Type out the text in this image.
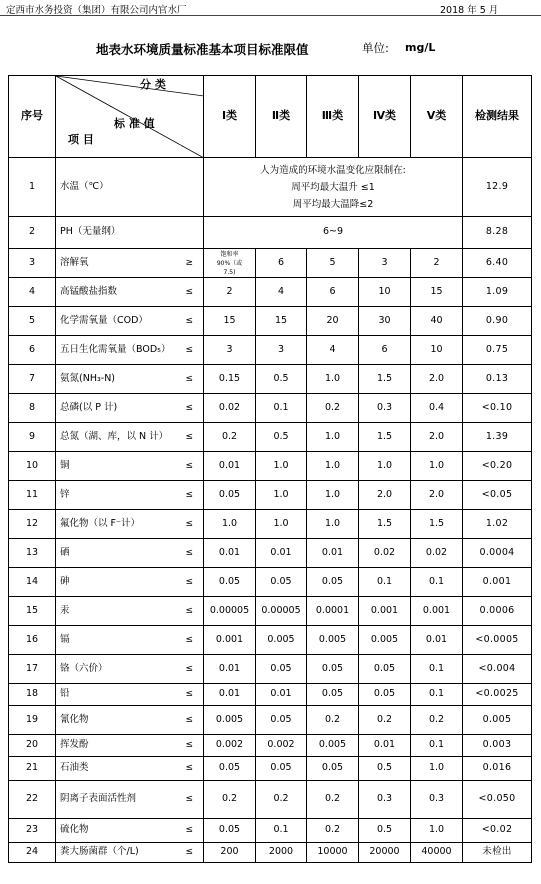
定西市水务投资（集团）有限公司内官水厂	2018 年 5 月
地表水环境质量标准基本项目标准限值	单位: mg/L
序号	分 类
标 准 值
项 目		Ⅰ类	Ⅱ类	Ⅲ类	Ⅳ类	Ⅴ类	检测结果
1	水温（℃）		人为造成的环境水温变化应限制在:
周平均最大温升 ≤1
周平均最大温降≤2					12.9
2	PH（无量纲）		6~9					8.28
3	溶解氧	≥	饱和率
90%（或
7.5)	6	5	3	2	6.40
4	高锰酸盐指数	≤	2	4	6	10	15	1.09
5	化学需氧量（COD）	≤	15	15	20	30	40	0.90
6	五日生化需氧量（BOD₅）	≤	3	3	4	6	10	0.75
7	氨氮(NH₃-N)	≤	0.15	0.5	1.0	1.5	2.0	0.13
8	总磷(以 P 计)	≤	0.02	0.1	0.2	0.3	0.4	<0.10
9	总氮（湖、库，以 N 计）	≤	0.2	0.5	1.0	1.5	2.0	1.39
10	铜	≤	0.01	1.0	1.0	1.0	1.0	<0.20
11	锌	≤	0.05	1.0	1.0	2.0	2.0	<0.05
12	氟化物（以 F⁻计）	≤	1.0	1.0	1.0	1.5	1.5	1.02
13	硒	≤	0.01	0.01	0.01	0.02	0.02	0.0004
14	砷	≤	0.05	0.05	0.05	0.1	0.1	0.001
15	汞	≤	0.00005	0.00005	0.0001	0.001	0.001	0.0006
16	镉	≤	0.001	0.005	0.005	0.005	0.01	<0.0005
17	铬（六价）	≤	0.01	0.05	0.05	0.05	0.1	<0.004
18	铅	≤	0.01	0.01	0.05	0.05	0.1	<0.0025
19	氰化物	≤	0.005	0.05	0.2	0.2	0.2	0.005
20	挥发酚	≤	0.002	0.002	0.005	0.01	0.1	0.003
21	石油类	≤	0.05	0.05	0.05	0.5	1.0	0.016
22	阴离子表面活性剂	≤	0.2	0.2	0.2	0.3	0.3	<0.050
23	硫化物	≤	0.05	0.1	0.2	0.5	1.0	<0.02
24	粪大肠菌群（个/L)	≤	200	2000	10000	20000	40000	未检出
